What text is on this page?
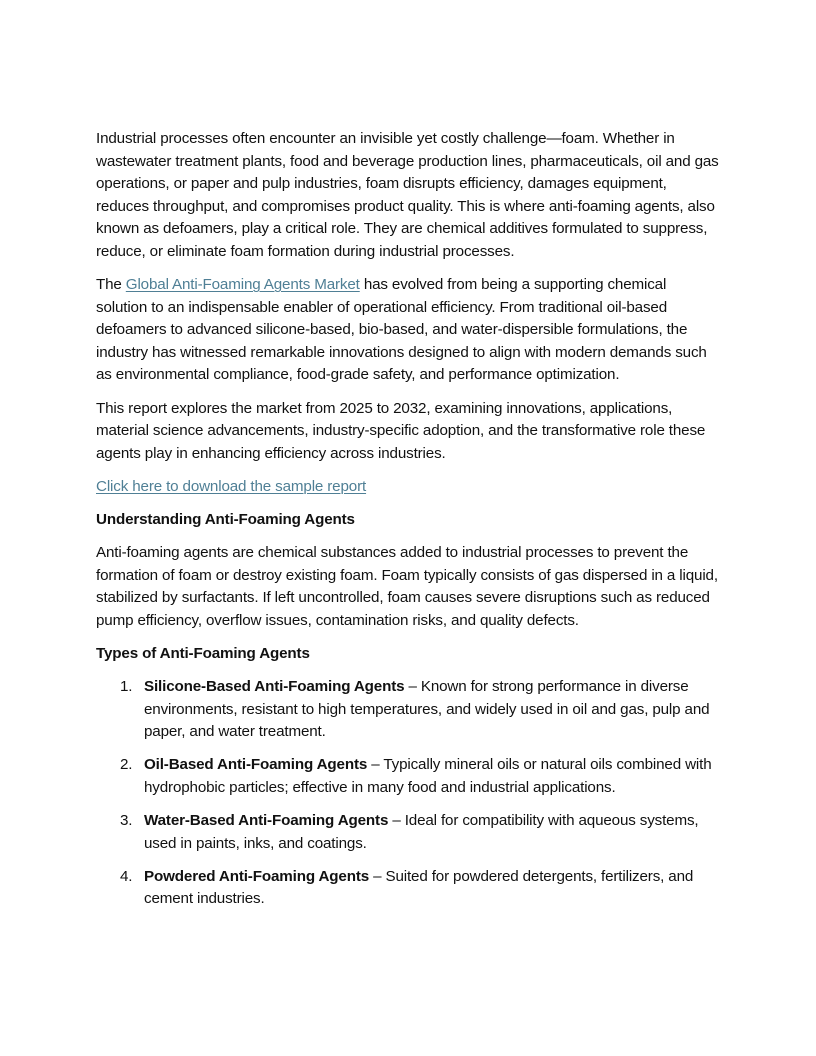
Industrial processes often encounter an invisible yet costly challenge—foam. Whether in wastewater treatment plants, food and beverage production lines, pharmaceuticals, oil and gas operations, or paper and pulp industries, foam disrupts efficiency, damages equipment, reduces throughput, and compromises product quality. This is where anti-foaming agents, also known as defoamers, play a critical role. They are chemical additives formulated to suppress, reduce, or eliminate foam formation during industrial processes.

The Global Anti-Foaming Agents Market has evolved from being a supporting chemical solution to an indispensable enabler of operational efficiency. From traditional oil-based defoamers to advanced silicone-based, bio-based, and water-dispersible formulations, the industry has witnessed remarkable innovations designed to align with modern demands such as environmental compliance, food-grade safety, and performance optimization.

This report explores the market from 2025 to 2032, examining innovations, applications, material science advancements, industry-specific adoption, and the transformative role these agents play in enhancing efficiency across industries.

Click here to download the sample report

Understanding Anti-Foaming Agents

Anti-foaming agents are chemical substances added to industrial processes to prevent the formation of foam or destroy existing foam. Foam typically consists of gas dispersed in a liquid, stabilized by surfactants. If left uncontrolled, foam causes severe disruptions such as reduced pump efficiency, overflow issues, contamination risks, and quality defects.

Types of Anti-Foaming Agents

1. Silicone-Based Anti-Foaming Agents – Known for strong performance in diverse environments, resistant to high temperatures, and widely used in oil and gas, pulp and paper, and water treatment.
2. Oil-Based Anti-Foaming Agents – Typically mineral oils or natural oils combined with hydrophobic particles; effective in many food and industrial applications.
3. Water-Based Anti-Foaming Agents – Ideal for compatibility with aqueous systems, used in paints, inks, and coatings.
4. Powdered Anti-Foaming Agents – Suited for powdered detergents, fertilizers, and cement industries.
